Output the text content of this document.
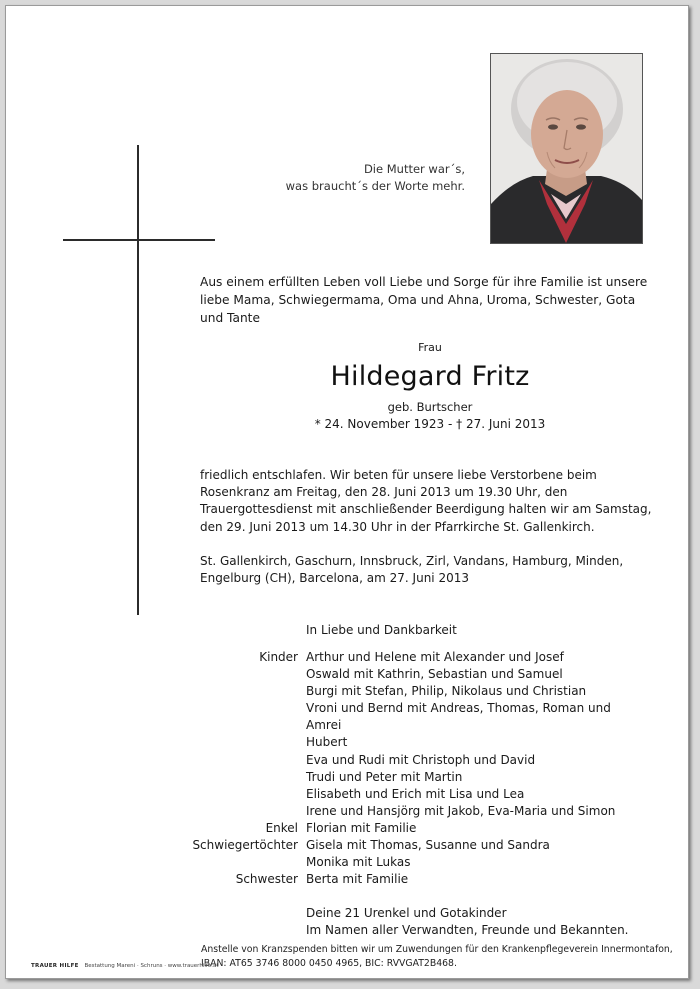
Die Mutter war´s,
was braucht´s der Worte mehr.
Aus einem erfüllten Leben voll Liebe und Sorge für ihre Familie ist unsere liebe Mama, Schwiegermama, Oma und Ahna, Uroma, Schwester, Gota und Tante
Frau
Hildegard Fritz
geb. Burtscher
* 24. November 1923 - † 27. Juni 2013
friedlich entschlafen. Wir beten für unsere liebe Verstorbene beim Rosenkranz am Freitag, den 28. Juni 2013 um 19.30 Uhr, den Trauergottesdienst mit anschließender Beerdigung halten wir am Samstag, den 29. Juni 2013 um 14.30 Uhr in der Pfarrkirche St. Gallenkirch.
St. Gallenkirch, Gaschurn, Innsbruck, Zirl, Vandans, Hamburg, Minden, Engelburg (CH), Barcelona, am 27. Juni 2013
In Liebe und Dankbarkeit
Kinder Arthur und Helene mit Alexander und Josef
Oswald mit Kathrin, Sebastian und Samuel
Burgi mit Stefan, Philip, Nikolaus und Christian
Vroni und Bernd mit Andreas, Thomas, Roman und Amrei
Hubert
Eva und Rudi mit Christoph und David
Trudi und Peter mit Martin
Elisabeth und Erich mit Lisa und Lea
Irene und Hansjörg mit Jakob, Eva-Maria und Simon
Enkel Florian mit Familie
Schwiegertöchter Gisela mit Thomas, Susanne und Sandra
Monika mit Lukas
Schwester Berta mit Familie
Deine 21 Urenkel und Gotakinder
Im Namen aller Verwandten, Freunde und Bekannten.
Anstelle von Kranzspenden bitten wir um Zuwendungen für den Krankenpflegeverein Innermontafon,
IBAN: AT65 3746 8000 0450 4965, BIC: RVVGAT2B468.
TRAUER HILFE Bestattung Mareni · Schruns · www.trauerhilfe.at
